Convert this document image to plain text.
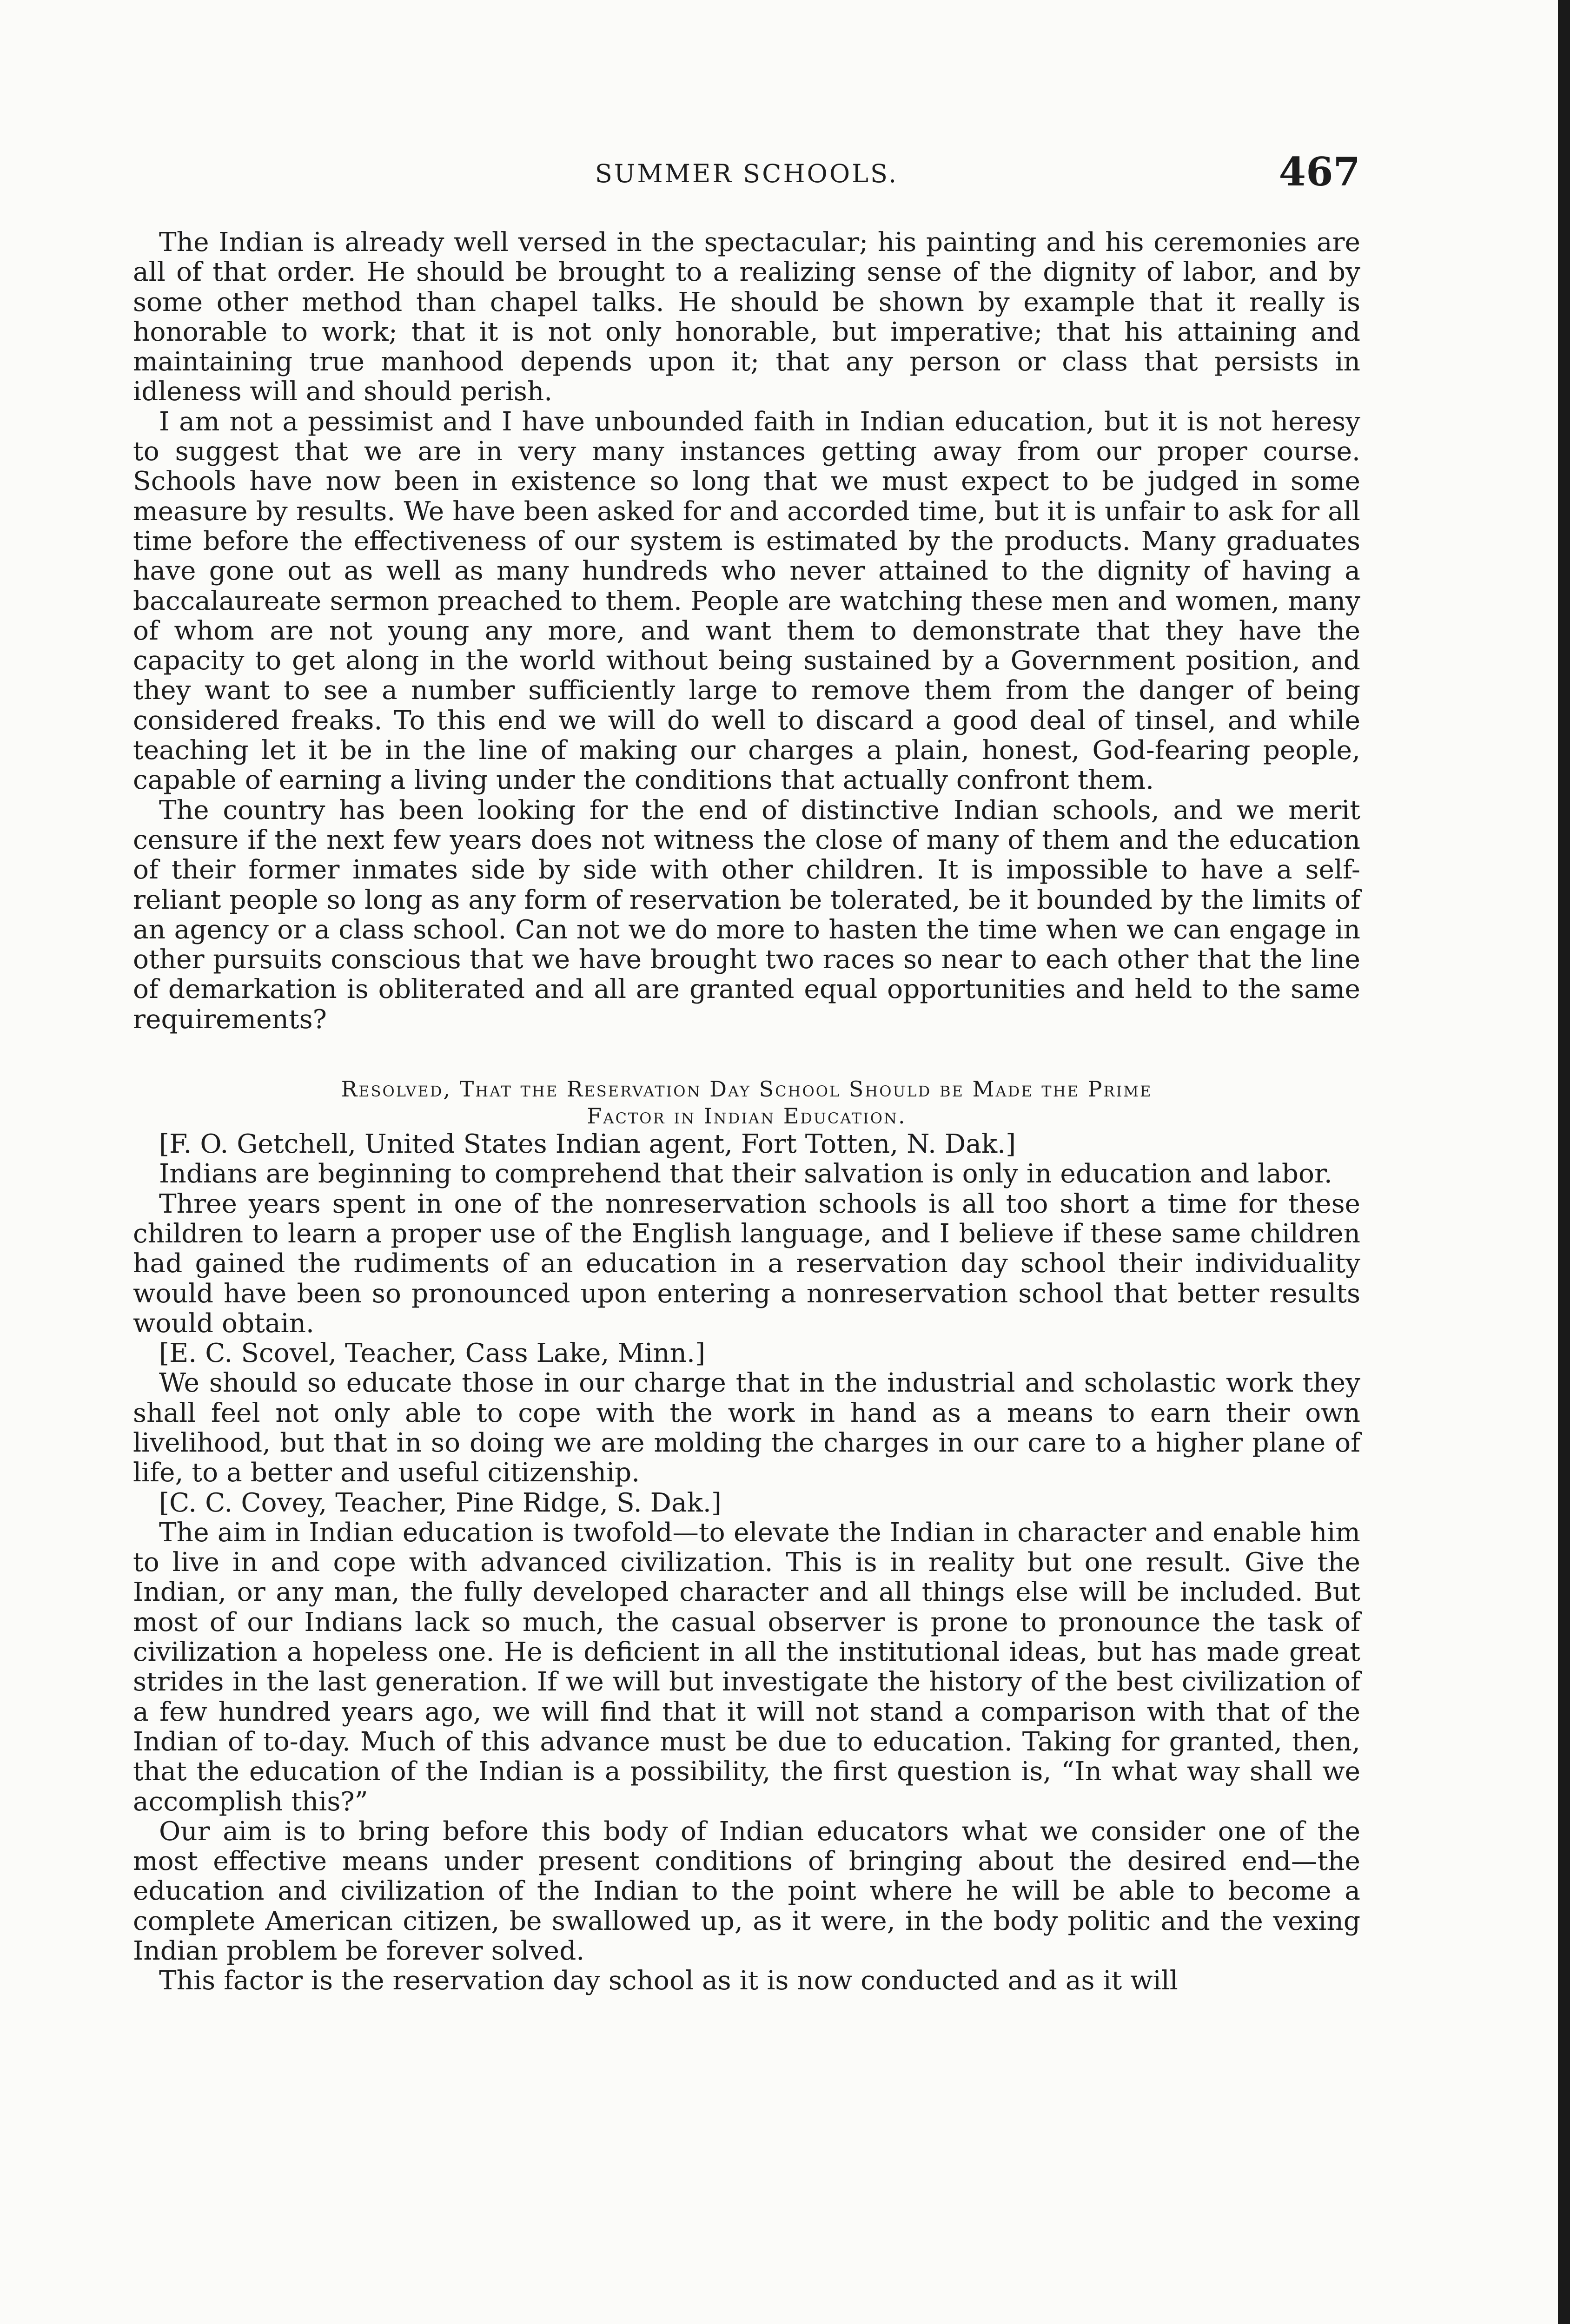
SUMMER SCHOOLS.	467

The Indian is already well versed in the spectacular; his painting and his ceremonies are all of that order. He should be brought to a realizing sense of the dignity of labor, and by some other method than chapel talks. He should be shown by example that it really is honorable to work; that it is not only honorable, but imperative; that his attaining and maintaining true manhood depends upon it; that any person or class that persists in idleness will and should perish.

I am not a pessimist and I have unbounded faith in Indian education, but it is not heresy to suggest that we are in very many instances getting away from our proper course. Schools have now been in existence so long that we must expect to be judged in some measure by results. We have been asked for and accorded time, but it is unfair to ask for all time before the effectiveness of our system is estimated by the products. Many graduates have gone out as well as many hundreds who never attained to the dignity of having a baccalaureate sermon preached to them. People are watching these men and women, many of whom are not young any more, and want them to demonstrate that they have the capacity to get along in the world without being sustained by a Government position, and they want to see a number sufficiently large to remove them from the danger of being considered freaks. To this end we will do well to discard a good deal of tinsel, and while teaching let it be in the line of making our charges a plain, honest, God-fearing people, capable of earning a living under the conditions that actually confront them.

The country has been looking for the end of distinctive Indian schools, and we merit censure if the next few years does not witness the close of many of them and the education of their former inmates side by side with other children. It is impossible to have a self-reliant people so long as any form of reservation be tolerated, be it bounded by the limits of an agency or a class school. Can not we do more to hasten the time when we can engage in other pursuits conscious that we have brought two races so near to each other that the line of demarkation is obliterated and all are granted equal opportunities and held to the same requirements?

Resolved, That the Reservation Day School Should be Made the Prime
Factor in Indian Education.

[F. O. Getchell, United States Indian agent, Fort Totten, N. Dak.]

Indians are beginning to comprehend that their salvation is only in education and labor.

Three years spent in one of the nonreservation schools is all too short a time for these children to learn a proper use of the English language, and I believe if these same children had gained the rudiments of an education in a reservation day school their individuality would have been so pronounced upon entering a nonreservation school that better results would obtain.

[E. C. Scovel, Teacher, Cass Lake, Minn.]

We should so educate those in our charge that in the industrial and scholastic work they shall feel not only able to cope with the work in hand as a means to earn their own livelihood, but that in so doing we are molding the charges in our care to a higher plane of life, to a better and useful citizenship.

[C. C. Covey, Teacher, Pine Ridge, S. Dak.]

The aim in Indian education is twofold—to elevate the Indian in character and enable him to live in and cope with advanced civilization. This is in reality but one result. Give the Indian, or any man, the fully developed character and all things else will be included. But most of our Indians lack so much, the casual observer is prone to pronounce the task of civilization a hopeless one. He is deficient in all the institutional ideas, but has made great strides in the last generation. If we will but investigate the history of the best civilization of a few hundred years ago, we will find that it will not stand a comparison with that of the Indian of to-day. Much of this advance must be due to education. Taking for granted, then, that the education of the Indian is a possibility, the first question is, “In what way shall we accomplish this?”

Our aim is to bring before this body of Indian educators what we consider one of the most effective means under present conditions of bringing about the desired end—the education and civilization of the Indian to the point where he will be able to become a complete American citizen, be swallowed up, as it were, in the body politic and the vexing Indian problem be forever solved.

This factor is the reservation day school as it is now conducted and as it will
